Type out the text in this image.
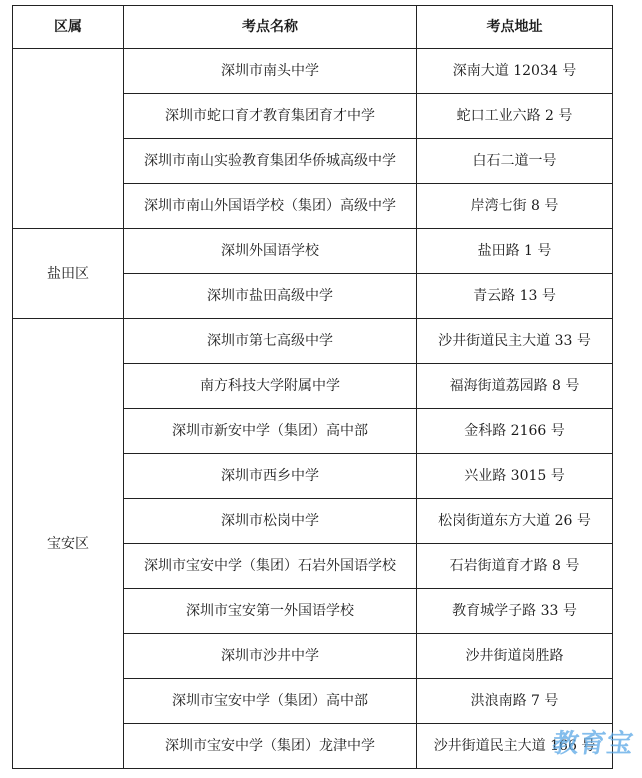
区属	考点名称	考点地址
	深圳市南头中学	深南大道 12034 号
	深圳市蛇口育才教育集团育才中学	蛇口工业六路 2 号
	深圳市南山实验教育集团华侨城高级中学	白石二道一号
	深圳市南山外国语学校（集团）高级中学	岸湾七街 8 号
盐田区	深圳外国语学校	盐田路 1 号
	深圳市盐田高级中学	青云路 13 号
宝安区	深圳市第七高级中学	沙井街道民主大道 33 号
	南方科技大学附属中学	福海街道荔园路 8 号
	深圳市新安中学（集团）高中部	金科路 2166 号
	深圳市西乡中学	兴业路 3015 号
	深圳市松岗中学	松岗街道东方大道 26 号
	深圳市宝安中学（集团）石岩外国语学校	石岩街道育才路 8 号
	深圳市宝安第一外国语学校	教育城学子路 33 号
	深圳市沙井中学	沙井街道岗胜路
	深圳市宝安中学（集团）高中部	洪浪南路 7 号
	深圳市宝安中学（集团）龙津中学	沙井街道民主大道 166 号
教育宝
